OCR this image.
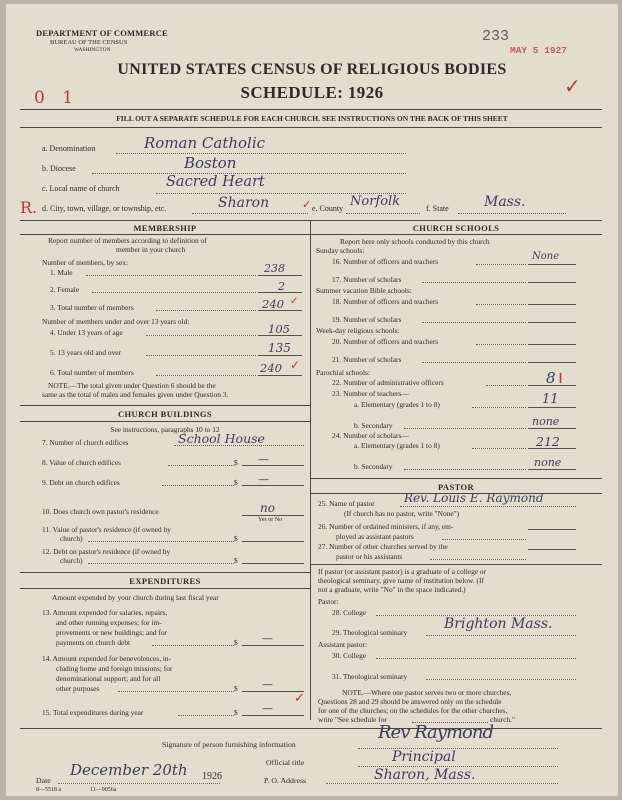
DEPARTMENT OF COMMERCE
BUREAU OF THE CENSUS
WASHINGTON
233
MAY 5 1927
✓
UNITED STATES CENSUS OF RELIGIOUS BODIES
SCHEDULE: 1926
0 1
FILL OUT A SEPARATE SCHEDULE FOR EACH CHURCH. SEE INSTRUCTIONS ON THE BACK OF THIS SHEET
a. Denomination	Roman Catholic
b. Diocese	Boston
c. Local name of church	Sacred Heart
R. d. City, town, village, or township, etc.	Sharon	✓ e. County Norfolk	f. State	Mass.
MEMBERSHIP
Report number of members according to definition of
member in your church
Number of members, by sex:
1. Male	238
2. Female	2
3. Total number of members	240 ✓
Number of members under and over 13 years old:
4. Under 13 years of age	105
5. 13 years old and over	135
6. Total number of members	240 ✓
NOTE.—The total given under Question 6 should be the
same as the total of males and females given under Question 3.
CHURCH BUILDINGS
See instructions, paragraphs 10 to 12
7. Number of church edifices	School House
8. Value of church edifices	$ —
9. Debt on church edifices	$ —
10. Does church own pastor's residence	no
Yes or No
11. Value of pastor's residence (if owned by
church)	$
12. Debt on pastor's residence (if owned by
church)	$
EXPENDITURES
Amount expended by your church during last fiscal year
13. Amount expended for salaries, repairs,
and other running expenses; for im-
provements or new buildings; and for
payments on church debt	$ —
14. Amount expended for benevolences, in-
cluding home and foreign missions; for
denominational support; and for all
other purposes	$ —
✓
15. Total expenditures during year	$ —
CHURCH SCHOOLS
Report here only schools conducted by this church
Sunday schools:
16. Number of officers and teachers	None
17. Number of scholars
Summer vacation Bible schools:
18. Number of officers and teachers
19. Number of scholars
Week-day religious schools:
20. Number of officers and teachers
21. Number of scholars
Parochial schools:
22. Number of administrative officers	8 ı
23. Number of teachers—
a. Elementary (grades 1 to 8)	11
b. Secondary	none
24. Number of scholars—
a. Elementary (grades 1 to 8)	212
b. Secondary	none
PASTOR
25. Name of pastor Rev. Louis E. Raymond
(If church has no pastor, write "None")
26. Number of ordained ministers, if any, em-
ployed as assistant pastors
27. Number of other churches served by the
pastor or his assistants
If pastor (or assistant pastor) is a graduate of a college or
theological seminary, give name of institution below. (If
not a graduate, write "No" in the space indicated.)
Pastor:
28. College
29. Theological seminary
Brighton Mass.
Assistant pastor:
30. College
31. Theological seminary
NOTE.—Where one pastor serves two or more churches,
Questions 28 and 29 should be answered only on the schedule
for one of the churches; on the schedules for the other churches,
write "See schedule for	church."
Signature of person furnishing information
Rev Raymond
Official title	Principal
Date
December 20th 1926	P. O. Address	Sharon, Mass.
8—5518 a	11—9056a
